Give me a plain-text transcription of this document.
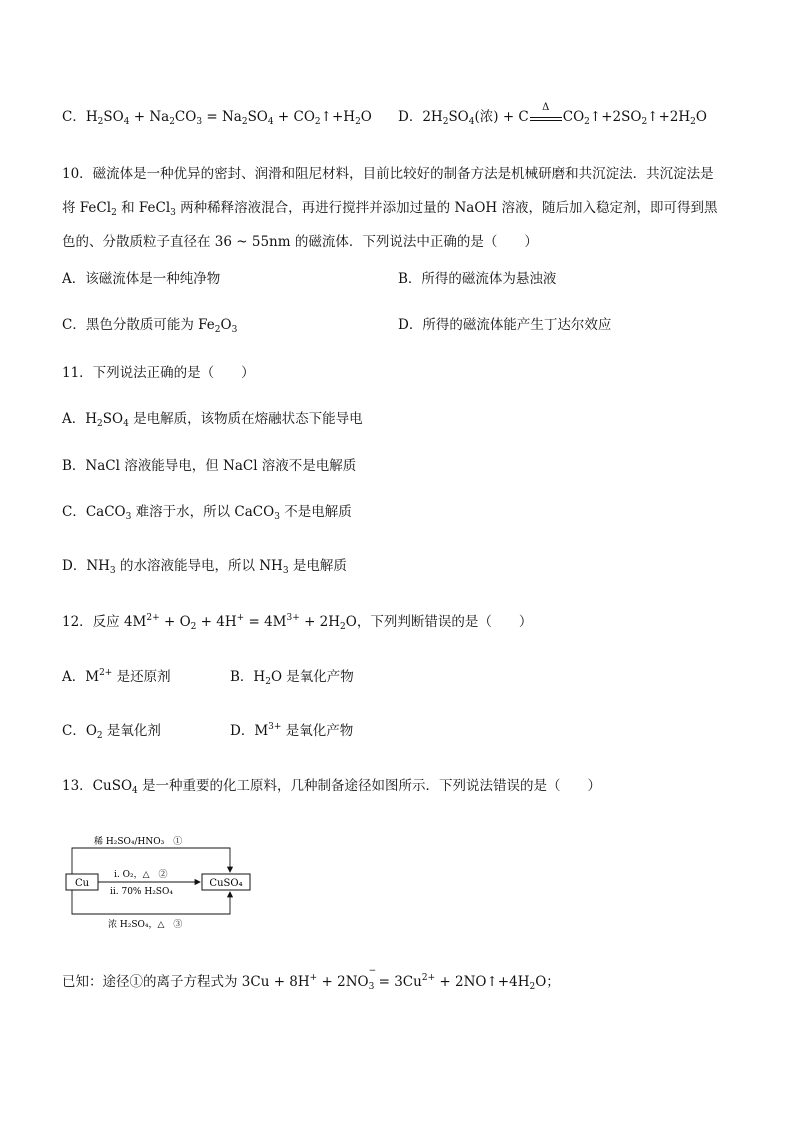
C．$H_2SO_4 + Na_2CO_3 = Na_2SO_4$ + $CO_2↑+H_2O$ D．$2H_2SO_4$(浓) + C
Δ
$CO_2↑+2SO_2↑+2H_2O$
10．磁流体是一种优异的密封、润滑和阻尼材料，目前比较好的制备方法是机械研磨和共沉淀法．共沉淀法是
将 FeCl$_2$ 和 FeCl$_3$ 两种稀释溶液混合，再进行搅拌并添加过量的 NaOH 溶液，随后加入稳定剂，即可得到黑
色的、分散质粒子直径在 36 ~ 55nm 的磁流体．下列说法中正确的是（　　）
A．该磁流体是一种纯净物	B．所得的磁流体为悬浊液
C．黑色分散质可能为 $Fe_2O_3$	D．所得的磁流体能产生丁达尔效应
11．下列说法正确的是（　　）
A．$H_2SO_4$ 是电解质，该物质在熔融状态下能导电
B．NaCl 溶液能导电，但 NaCl 溶液不是电解质
C．CaCO$_3$ 难溶于水，所以 CaCO$_3$ 不是电解质
D．$NH_3$ 的水溶液能导电，所以 $NH_3$ 是电解质
12．反应 $4M^{2+} + O_2 + 4H^+ = 4M^{3+} + 2H_2O$，下列判断错误的是（　　）
A．$M^{2+}$ 是还原剂	B．$H_2O$ 是氧化产物
C．$O_2$ 是氧化剂	D．$M^{3+}$ 是氧化产物
13．CuSO$_4$ 是一种重要的化工原料，几种制备途径如图所示．下列说法错误的是（　　）
Cu	CuSO₄
稀 H₂SO₄/HNO₃　①
ⅰ. O₂，△　②
ⅱ. 70% H₂SO₄
浓 H₂SO₄，△　③
已知：途径①的离子方程式为 3Cu + 8H+ + 2NO
−
$_3 = 3Cu^{2+}$ + $2NO↑+4H_2O$；
